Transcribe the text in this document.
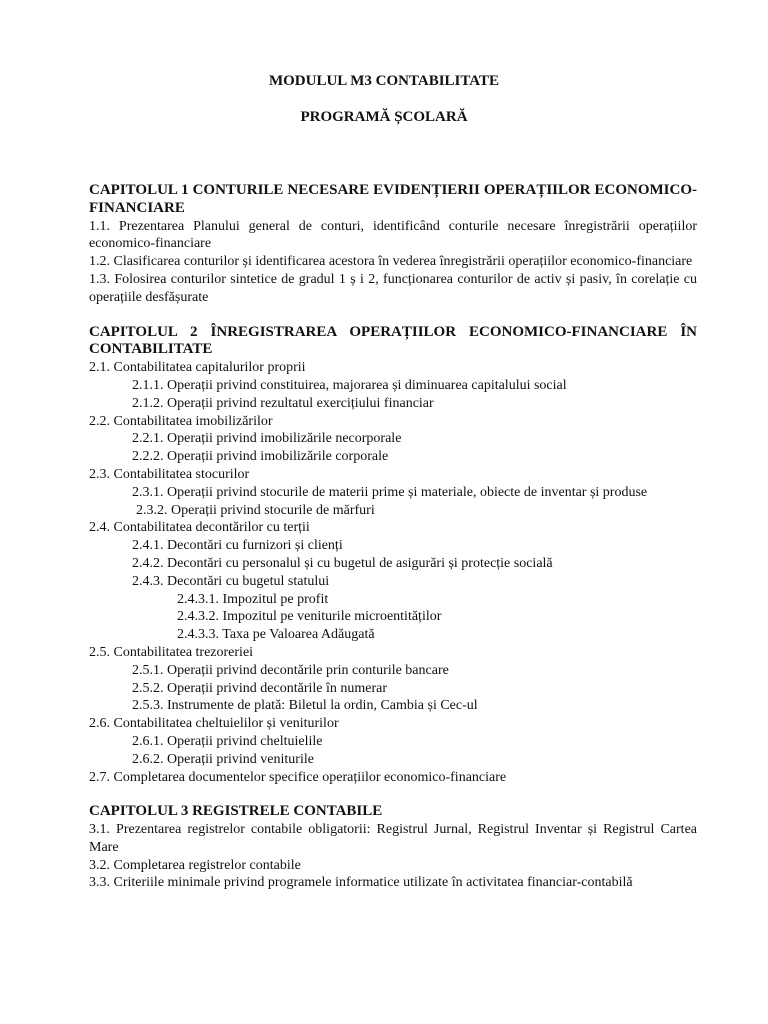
MODULUL M3 CONTABILITATE
PROGRAMĂ ȘCOLARĂ
CAPITOLUL 1 CONTURILE NECESARE EVIDENȚIERII OPERAȚIILOR ECONOMICO-FINANCIARE
1.1. Prezentarea Planului general de conturi, identificând conturile necesare înregistrării operațiilor economico-financiare
1.2. Clasificarea conturilor și identificarea acestora în vederea înregistrării operațiilor economico-financiare
1.3. Folosirea conturilor sintetice de gradul 1 ș i 2, funcționarea conturilor de activ și pasiv, în corelație cu operațiile desfășurate
CAPITOLUL 2 ÎNREGISTRAREA OPERAȚIILOR ECONOMICO-FINANCIARE ÎN CONTABILITATE
2.1. Contabilitatea capitalurilor proprii
2.1.1. Operații privind constituirea, majorarea și diminuarea capitalului social
2.1.2. Operații privind rezultatul exercițiului financiar
2.2. Contabilitatea imobilizărilor
2.2.1. Operații privind imobilizările necorporale
2.2.2. Operații privind imobilizările corporale
2.3. Contabilitatea stocurilor
2.3.1. Operații privind stocurile de materii prime și materiale, obiecte de inventar și produse
2.3.2. Operații privind stocurile de mărfuri
2.4. Contabilitatea decontărilor cu terții
2.4.1. Decontări cu furnizori și clienți
2.4.2. Decontări cu personalul și cu bugetul de asigurări și protecție socială
2.4.3. Decontări cu bugetul statului
2.4.3.1. Impozitul pe profit
2.4.3.2. Impozitul pe veniturile microentităților
2.4.3.3. Taxa pe Valoarea Adăugată
2.5. Contabilitatea trezoreriei
2.5.1. Operații privind decontările prin conturile bancare
2.5.2. Operații privind decontările în numerar
2.5.3. Instrumente de plată: Biletul la ordin, Cambia și Cec-ul
2.6. Contabilitatea cheltuielilor și veniturilor
2.6.1. Operații privind cheltuielile
2.6.2. Operații privind veniturile
2.7. Completarea documentelor specifice operațiilor economico-financiare
CAPITOLUL 3 REGISTRELE CONTABILE
3.1. Prezentarea registrelor contabile obligatorii: Registrul Jurnal, Registrul Inventar și Registrul Cartea Mare
3.2. Completarea registrelor contabile
3.3. Criteriile minimale privind programele informatice utilizate în activitatea financiar-contabilă
